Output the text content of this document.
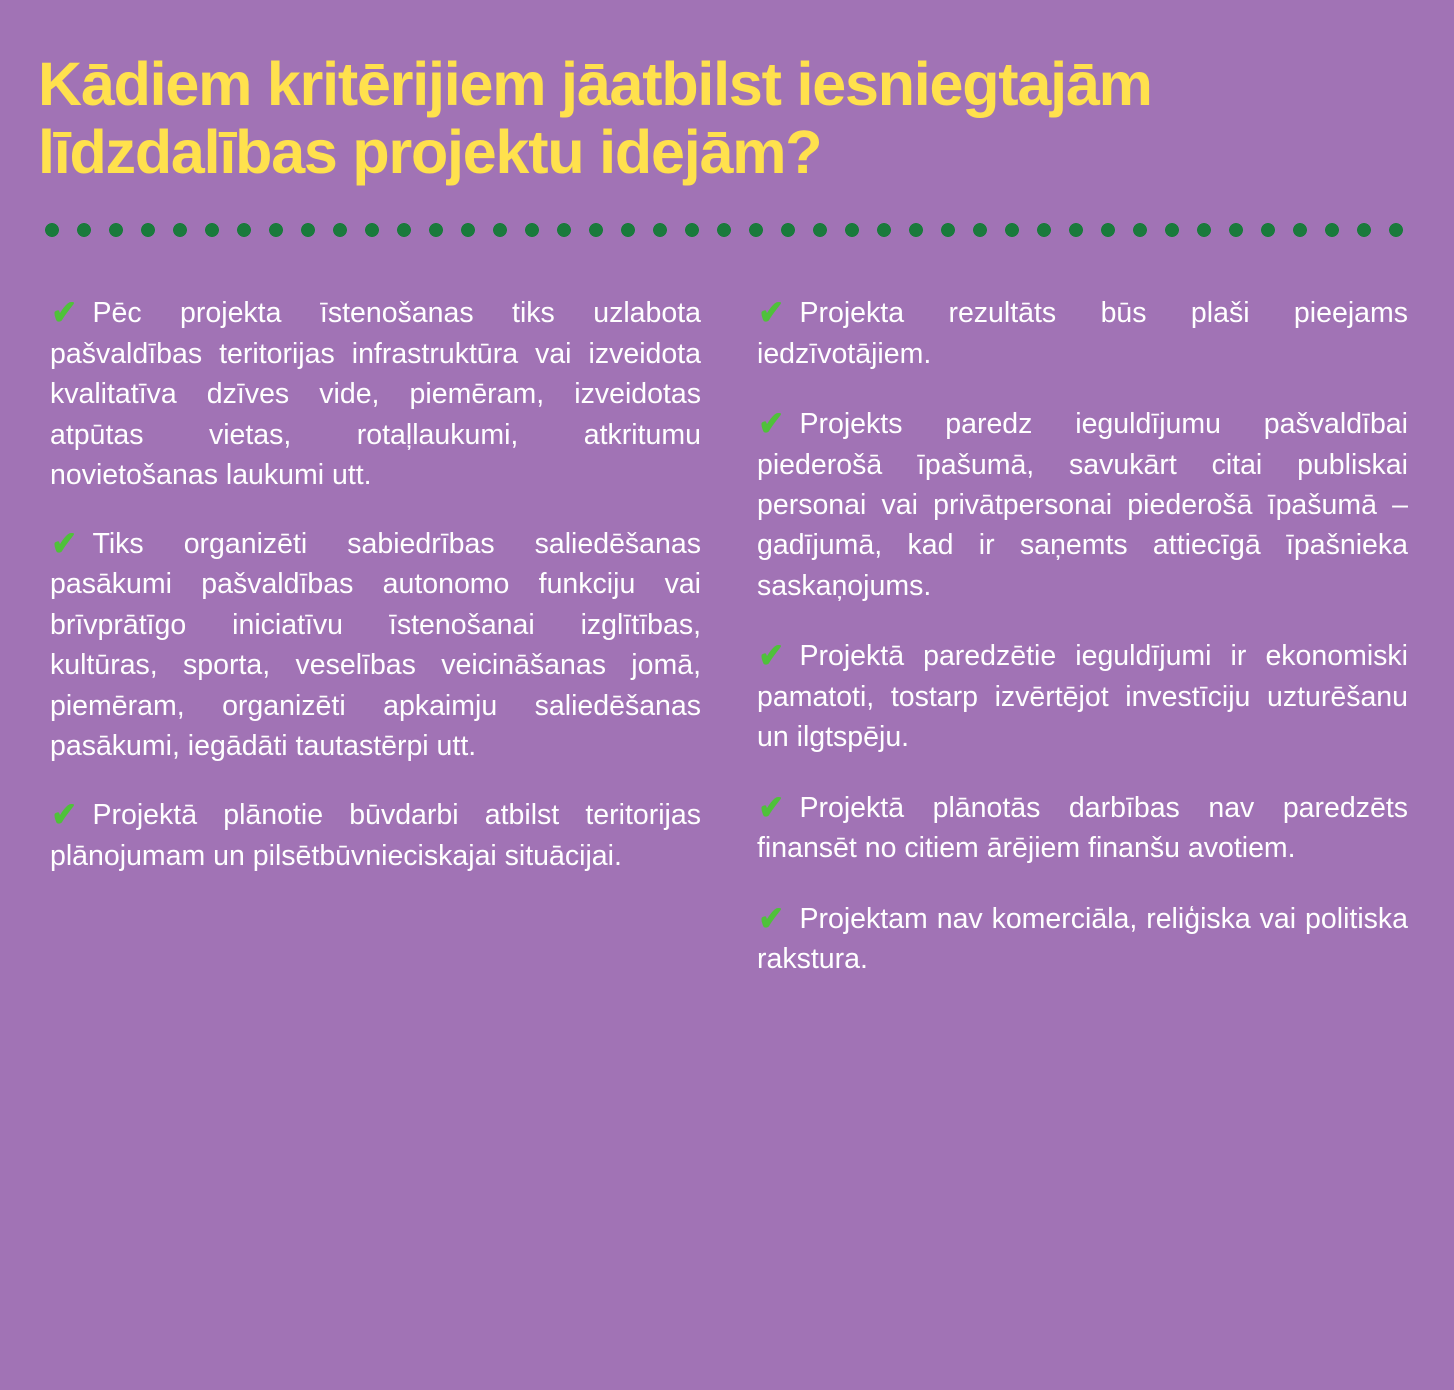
Kādiem kritērijiem jāatbilst iesniegtajām līdzdalības projektu idejām?

✔ Pēc projekta īstenošanas tiks uzlabota pašvaldības teritorijas infrastruktūra vai izveidota kvalitatīva dzīves vide, piemēram, izveidotas atpūtas vietas, rotaļlaukumi, atkritumu novietošanas laukumi utt.

✔ Tiks organizēti sabiedrības saliedēšanas pasākumi pašvaldības autonomo funkciju vai brīvprātīgo iniciatīvu īstenošanai izglītības, kultūras, sporta, veselības veicināšanas jomā, piemēram, organizēti apkaimju saliedēšanas pasākumi, iegādāti tautastērpi utt.

✔ Projektā plānotie būvdarbi atbilst teritorijas plānojumam un pilsētbūvnieciskajai situācijai.

✔ Projekta rezultāts būs plaši pieejams iedzīvotājiem.

✔ Projekts paredz ieguldījumu pašvaldībai piederošā īpašumā, savukārt citai publiskai personai vai privātpersonai piederošā īpašumā – gadījumā, kad ir saņemts attiecīgā īpašnieka saskaņojums.

✔ Projektā paredzētie ieguldījumi ir ekonomiski pamatoti, tostarp izvērtējot investīciju uzturēšanu un ilgtspēju.

✔ Projektā plānotās darbības nav paredzēts finansēt no citiem ārējiem finanšu avotiem.

✔ Projektam nav komerciāla, reliģiska vai politiska rakstura.
